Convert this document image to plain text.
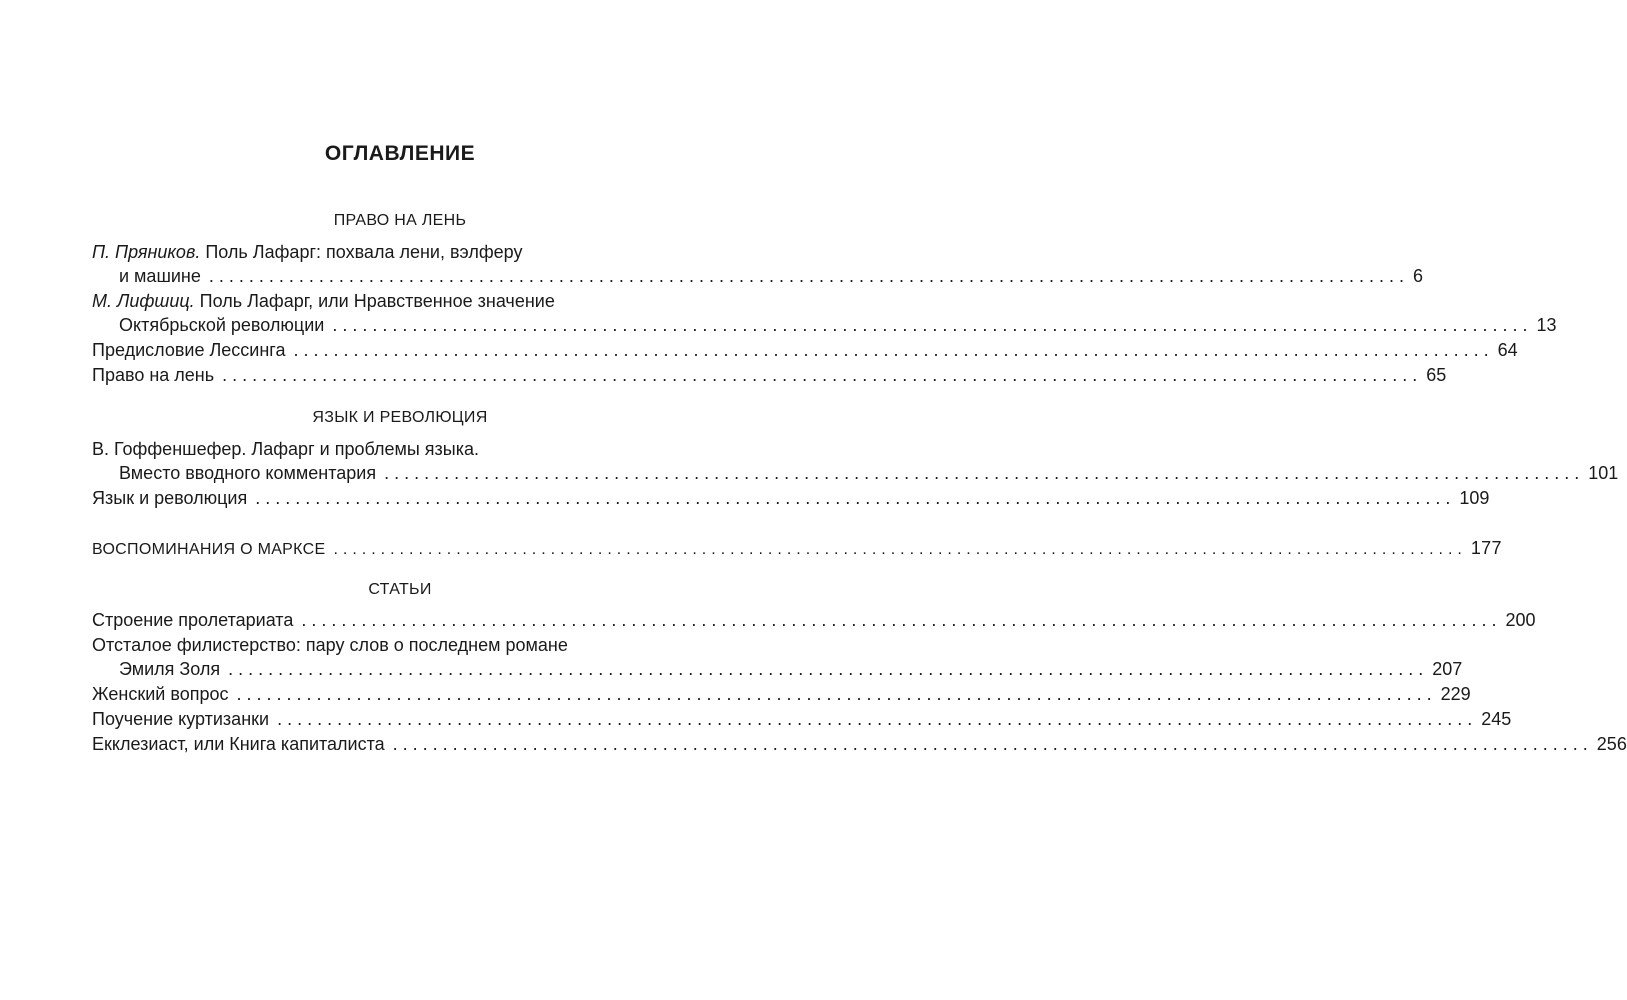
ОГЛАВЛЕНИЕ
ПРАВО НА ЛЕНЬ
П. Пряников. Поль Лафарг: похвала лени, вэлферу
и машине ........................................................................................................................ 6
М. Лифшиц. Поль Лафарг, или Нравственное значение
Октябрьской революции ........................................................................................................................ 13
Предисловие Лессинга ........................................................................................................................ 64
Право на лень ........................................................................................................................ 65
ЯЗЫК И РЕВОЛЮЦИЯ
В. Гоффеншефер. Лафарг и проблемы языка.
Вместо вводного комментария ........................................................................................................................ 101
Язык и революция ........................................................................................................................ 109
ВОСПОМИНАНИЯ О МАРКСЕ ........................................................................................................................ 177
СТАТЬИ
Строение пролетариата ........................................................................................................................ 200
Отсталое филистерство: пару слов о последнем романе
Эмиля Золя ........................................................................................................................ 207
Женский вопрос ........................................................................................................................ 229
Поучение куртизанки ........................................................................................................................ 245
Екклезиаст, или Книга капиталиста ........................................................................................................................ 256
